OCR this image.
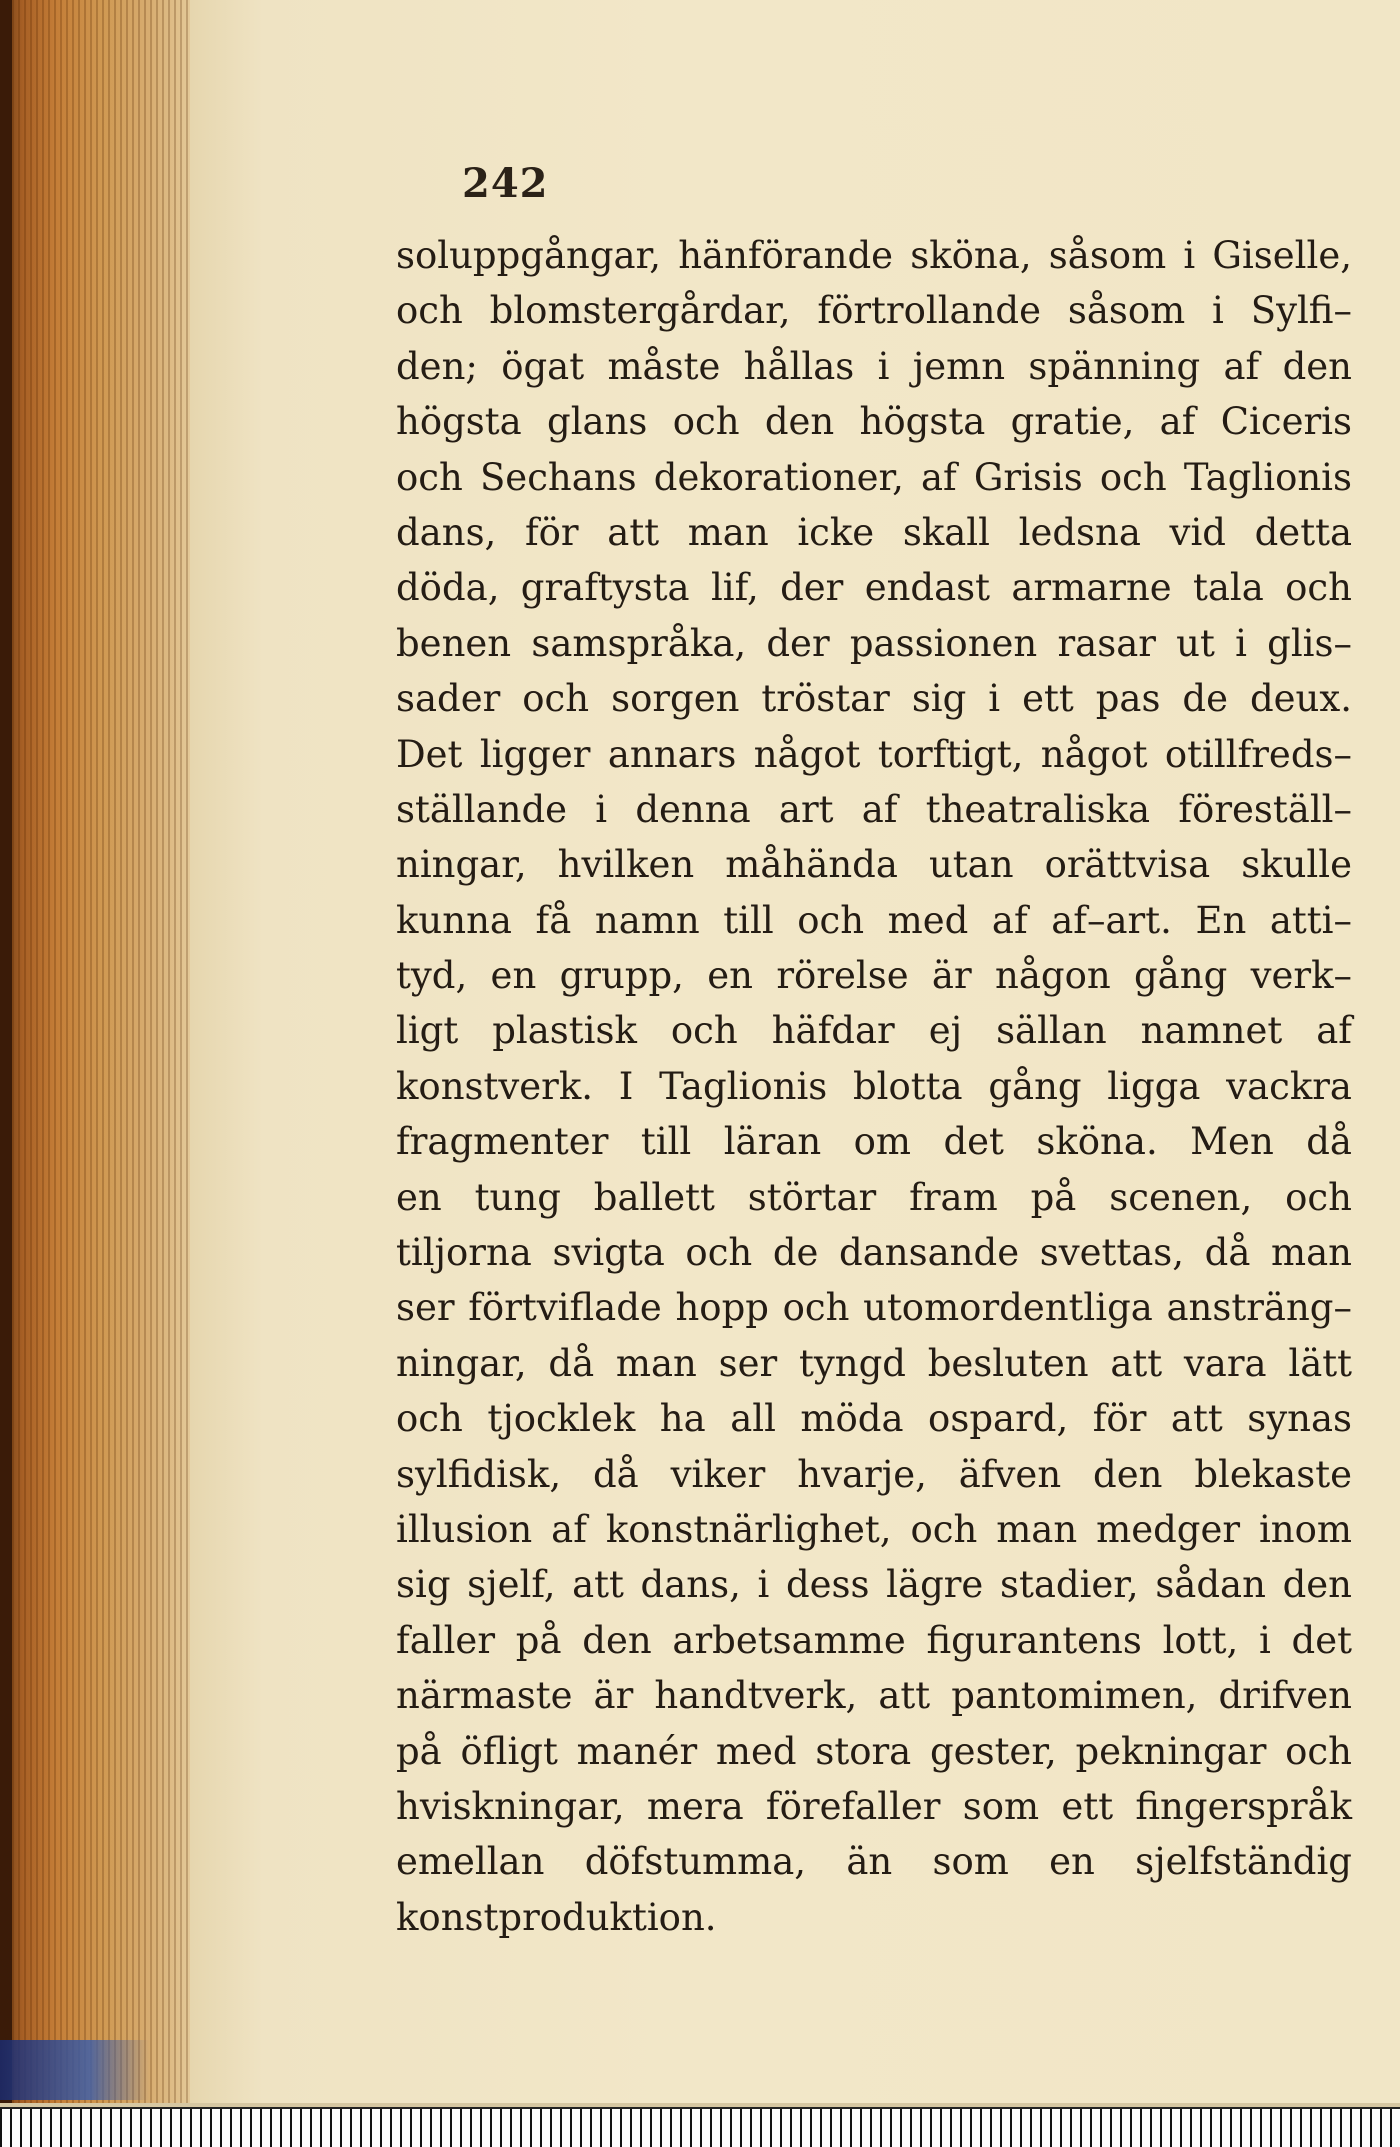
242
soluppgångar, hänförande sköna, såsom i Giselle,
och blomstergårdar, förtrollande såsom i Sylfi–
den; ögat måste hållas i jemn spänning af den
högsta glans och den högsta gratie, af Ciceris
och Sechans dekorationer, af Grisis och Taglionis
dans, för att man icke skall ledsna vid detta
döda, graftysta lif, der endast armarne tala och
benen samspråka, der passionen rasar ut i glis–
sader och sorgen tröstar sig i ett pas de deux.
Det ligger annars något torftigt, något otillfreds–
ställande i denna art af theatraliska föreställ–
ningar, hvilken måhända utan orättvisa skulle
kunna få namn till och med af af–art. En atti–
tyd, en grupp, en rörelse är någon gång verk–
ligt plastisk och häfdar ej sällan namnet af
konstverk. I Taglionis blotta gång ligga vackra
fragmenter till läran om det sköna. Men då
en tung ballett störtar fram på scenen, och
tiljorna svigta och de dansande svettas, då man
ser förtviflade hopp och utomordentliga ansträng–
ningar, då man ser tyngd besluten att vara lätt
och tjocklek ha all möda ospard, för att synas
sylfidisk, då viker hvarje, äfven den blekaste
illusion af konstnärlighet, och man medger inom
sig sjelf, att dans, i dess lägre stadier, sådan den
faller på den arbetsamme figurantens lott, i det
närmaste är handtverk, att pantomimen, drifven
på öfligt manér med stora gester, pekningar och
hviskningar, mera förefaller som ett fingerspråk
emellan döfstumma, än som en sjelfständig
konstproduktion.
